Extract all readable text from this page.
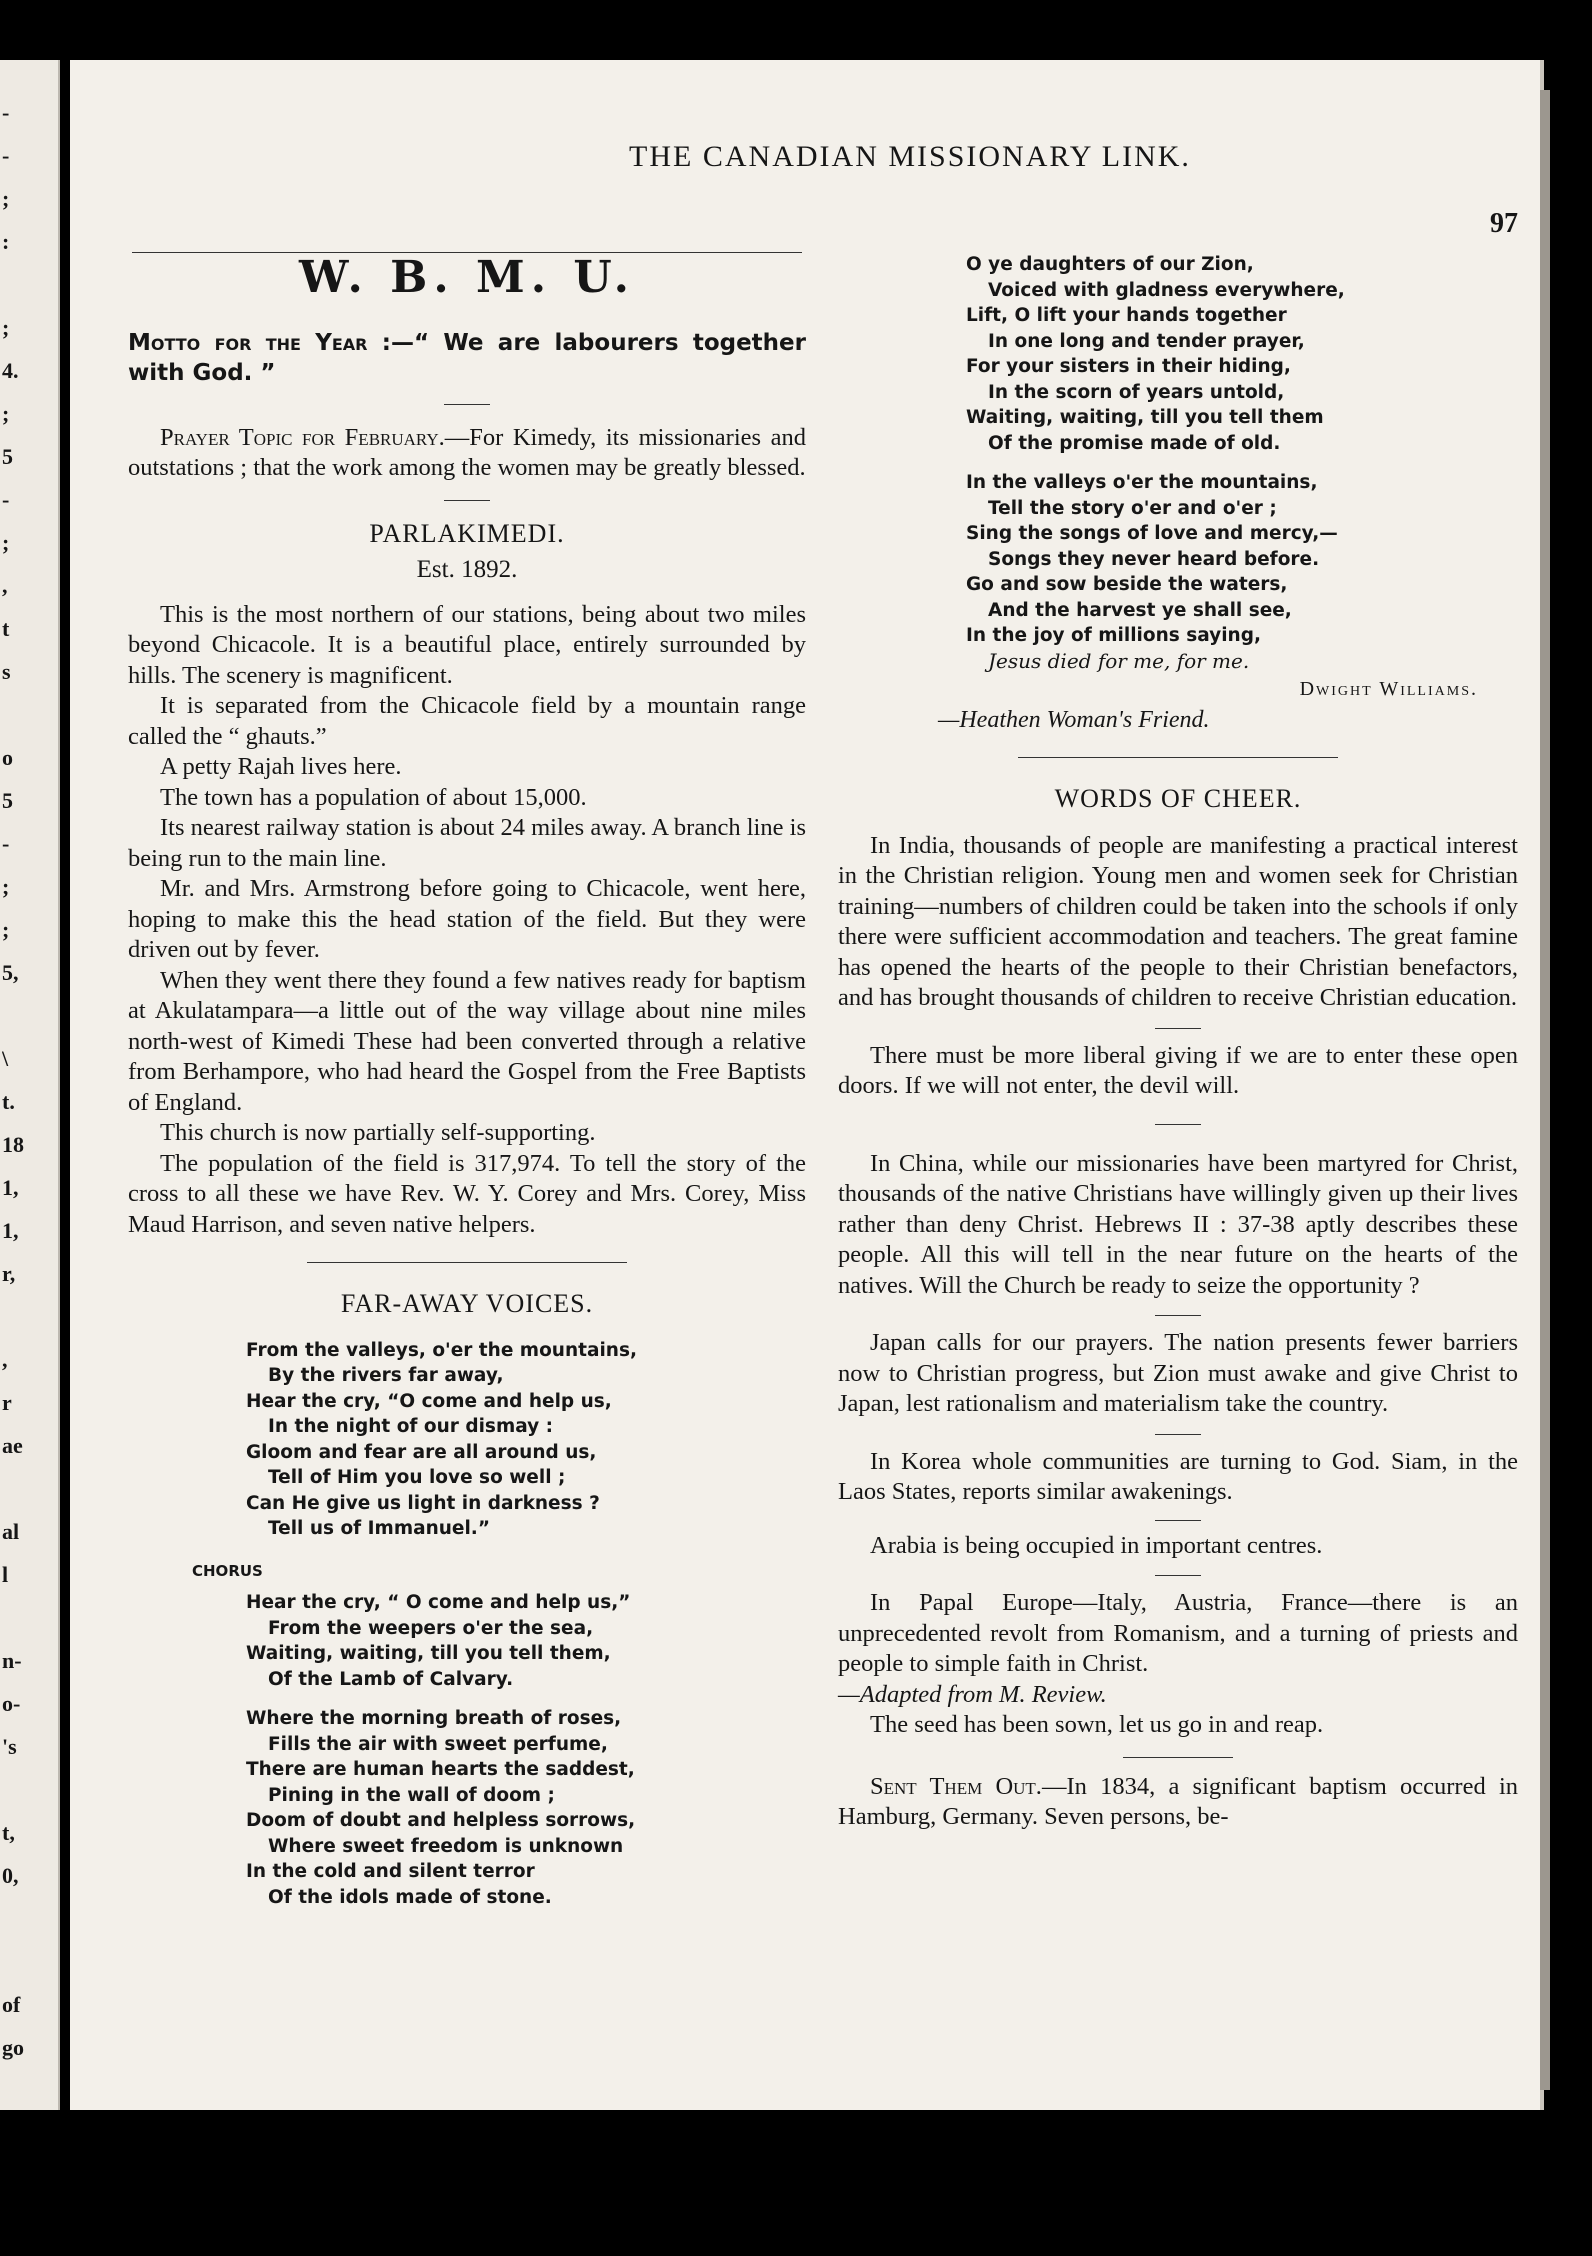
-
-
;
:
;
4.
;
5
-
;
,
t
s
o
5
-
;
;
5,
\
t.
18
1,
1,
r,
,
r
ae
al
l
n-
o-
's
t,
0,
of
go
THE CANADIAN MISSIONARY LINK.
97
W. B. M. U.

Motto for the Year :—“ We are labourers together with God. ”

Prayer Topic for February.—For Kimedy, its missionaries and outstations ; that the work among the women may be greatly blessed.

PARLAKIMEDI.
Est. 1892.

This is the most northern of our stations, being about two miles beyond Chicacole. It is a beautiful place, entirely surrounded by hills. The scenery is magnificent.

It is separated from the Chicacole field by a mountain range called the “ ghauts.”

A petty Rajah lives here.

The town has a population of about 15,000.

Its nearest railway station is about 24 miles away. A branch line is being run to the main line.

Mr. and Mrs. Armstrong before going to Chicacole, went here, hoping to make this the head station of the field. But they were driven out by fever.

When they went there they found a few natives ready for baptism at Akulatampara—a little out of the way village about nine miles north-west of Kimedi These had been converted through a relative from Berhampore, who had heard the Gospel from the Free Baptists of England.

This church is now partially self-supporting.

The population of the field is 317,974. To tell the story of the cross to all these we have Rev. W. Y. Corey and Mrs. Corey, Miss Maud Harrison, and seven native helpers.

FAR-AWAY VOICES.
From the valleys, o'er the mountains,
By the rivers far away,
Hear the cry, “O come and help us,
In the night of our dismay :
Gloom and fear are all around us,
Tell of Him you love so well ;
Can He give us light in darkness ?
Tell us of Immanuel.”
CHORUS
Hear the cry, “ O come and help us,”
From the weepers o'er the sea,
Waiting, waiting, till you tell them,
Of the Lamb of Calvary.
Where the morning breath of roses,
Fills the air with sweet perfume,
There are human hearts the saddest,
Pining in the wall of doom ;
Doom of doubt and helpless sorrows,
Where sweet freedom is unknown
In the cold and silent terror
Of the idols made of stone.
O ye daughters of our Zion,
Voiced with gladness everywhere,
Lift, O lift your hands together
In one long and tender prayer,
For your sisters in their hiding,
In the scorn of years untold,
Waiting, waiting, till you tell them
Of the promise made of old.
In the valleys o'er the mountains,
Tell the story o'er and o'er ;
Sing the songs of love and mercy,—
Songs they never heard before.
Go and sow beside the waters,
And the harvest ye shall see,
In the joy of millions saying,
Jesus died for me, for me.
Dwight Williams.
—Heathen Woman's Friend.
WORDS OF CHEER.

In India, thousands of people are manifesting a practical interest in the Christian religion. Young men and women seek for Christian training—numbers of children could be taken into the schools if only there were sufficient accommodation and teachers. The great famine has opened the hearts of the people to their Christian benefactors, and has brought thousands of children to receive Christian education.

There must be more liberal giving if we are to enter these open doors. If we will not enter, the devil will.

In China, while our missionaries have been martyred for Christ, thousands of the native Christians have willingly given up their lives rather than deny Christ. Hebrews II : 37-38 aptly describes these people. All this will tell in the near future on the hearts of the natives. Will the Church be ready to seize the opportunity ?

Japan calls for our prayers. The nation presents fewer barriers now to Christian progress, but Zion must awake and give Christ to Japan, lest rationalism and materialism take the country.

In Korea whole communities are turning to God. Siam, in the Laos States, reports similar awakenings.

Arabia is being occupied in important centres.

In Papal Europe—Italy, Austria, France—there is an unprecedented revolt from Romanism, and a turning of priests and people to simple faith in Christ.

—Adapted from M. Review.

The seed has been sown, let us go in and reap.

Sent Them Out.—In 1834, a significant baptism occurred in Hamburg, Germany. Seven persons, be-
